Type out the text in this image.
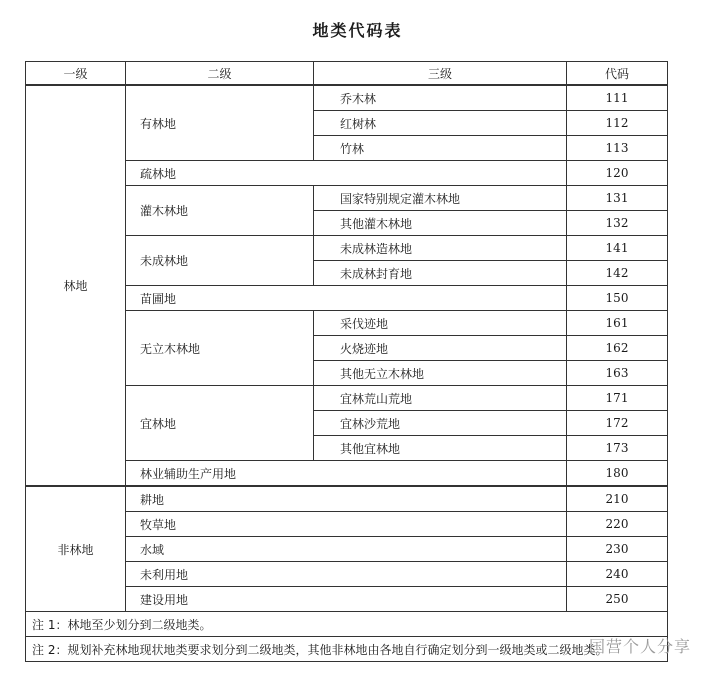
地类代码表
一级	二级	三级	代码
林地	有林地	乔木林	111
		红树林	112
		竹林	113
	疏林地		120
	灌木林地	国家特别规定灌木林地	131
		其他灌木林地	132
	未成林地	未成林造林地	141
		未成林封育地	142
	苗圃地		150
	无立木林地	采伐迹地	161
		火烧迹地	162
		其他无立木林地	163
	宜林地	宜林荒山荒地	171
		宜林沙荒地	172
		其他宜林地	173
	林业辅助生产用地		180
非林地	耕地		210
	牧草地		220
	水域		230
	未利用地		240
	建设用地		250
注 1：林地至少划分到二级地类。			
注 2：规划补充林地现状地类要求划分到二级地类，其他非林地由各地自行确定划分到一级地类或二级地类。			
国营个人分享
